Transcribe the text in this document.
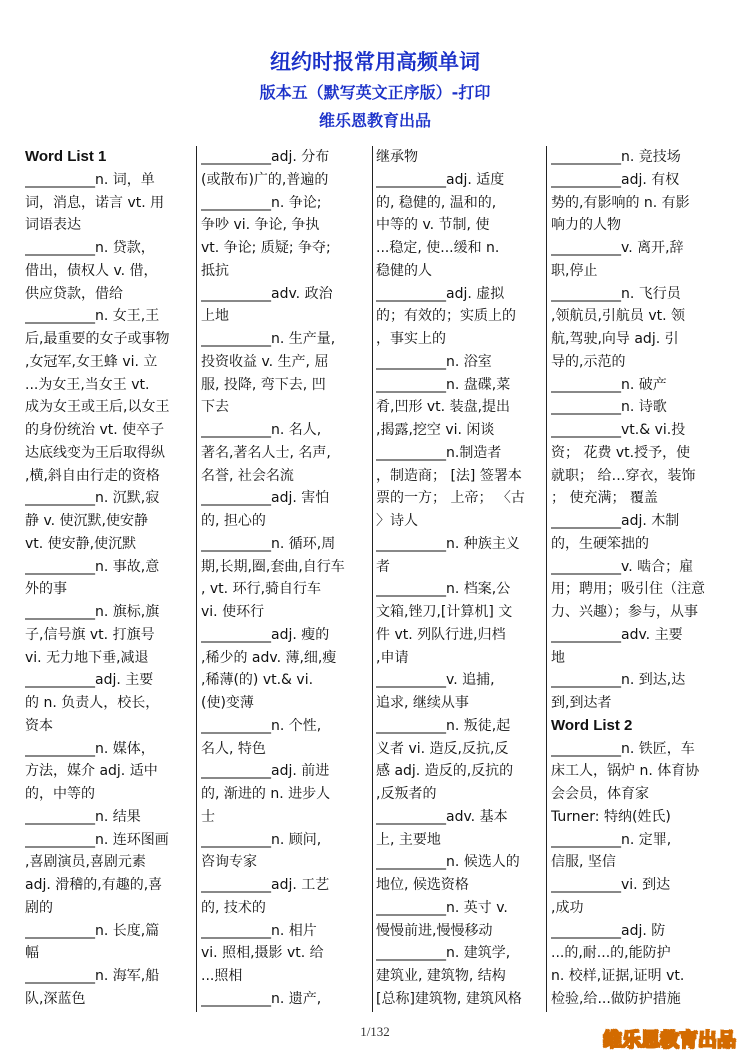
纽约时报常用高频单词
版本五（默写英文正序版）-打印
维乐恩教育出品
Word List 1
__________n. 词，单
词，消息，诺言 vt. 用
词语表达
__________n. 贷款，
借出，债权人 v. 借，
供应贷款，借给
__________n. 女王,王
后,最重要的女子或事物
,女冠军,女王蜂 vi. 立
...为女王,当女王 vt.
成为女王或王后,以女王
的身份统治 vt. 使卒子
达底线变为王后取得纵
,横,斜自由行走的资格
__________n. 沉默,寂
静 v. 使沉默,使安静
vt. 使安静,使沉默
__________n. 事故,意
外的事
__________n. 旗标,旗
子,信号旗 vt. 打旗号
vi. 无力地下垂,减退
__________adj. 主要
的 n. 负责人，校长，
资本
__________n. 媒体，
方法，媒介 adj. 适中
的，中等的
__________n. 结果
__________n. 连环图画
,喜剧演员,喜剧元素
adj. 滑稽的,有趣的,喜
剧的
__________n. 长度,篇
幅
__________n. 海军,船
队,深蓝色
__________adj. 分布
(或散布)广的,普遍的
__________n. 争论;
争吵 vi. 争论, 争执
vt. 争论; 质疑; 争夺;
抵抗
__________adv. 政治
上地
__________n. 生产量,
投资收益 v. 生产, 屈
服, 投降, 弯下去, 凹
下去
__________n. 名人,
著名,著名人士, 名声,
名誉, 社会名流
__________adj. 害怕
的, 担心的
__________n. 循环,周
期,长期,圈,套曲,自行车
, vt. 环行,骑自行车
vi. 使环行
__________adj. 瘦的
,稀少的 adv. 薄,细,瘦
,稀薄(的) vt.& vi.
(使)变薄
__________n. 个性,
名人, 特色
__________adj. 前进
的, 渐进的 n. 进步人
士
__________n. 顾问,
咨询专家
__________adj. 工艺
的, 技术的
__________n. 相片
vi. 照相,摄影 vt. 给
...照相
__________n. 遗产,
继承物
__________adj. 适度
的, 稳健的, 温和的,
中等的 v. 节制, 使
...稳定, 使...缓和 n.
稳健的人
__________adj. 虚拟
的；有效的；实质上的
，事实上的
__________n. 浴室
__________n. 盘碟,菜
肴,凹形 vt. 装盘,提出
,揭露,挖空 vi. 闲谈
__________n.制造者
，制造商； [法] 签署本
票的一方； 上帝； 〈古
〉诗人
__________n. 种族主义
者
__________n. 档案,公
文箱,锉刀,[计算机] 文
件 vt. 列队行进,归档
,申请
__________v. 追捕,
追求, 继续从事
__________n. 叛徒,起
义者 vi. 造反,反抗,反
感 adj. 造反的,反抗的
,反叛者的
__________adv. 基本
上, 主要地
__________n. 候选人的
地位, 候选资格
__________n. 英寸 v.
慢慢前进,慢慢移动
__________n. 建筑学,
建筑业, 建筑物, 结构
[总称]建筑物, 建筑风格
__________n. 竞技场
__________adj. 有权
势的,有影响的 n. 有影
响力的人物
__________v. 离开,辞
职,停止
__________n. 飞行员
,领航员,引航员 vt. 领
航,驾驶,向导 adj. 引
导的,示范的
__________n. 破产
__________n. 诗歌
__________vt.& vi.投
资； 花费 vt.授予，使
就职； 给…穿衣，装饰
； 使充满； 覆盖
__________adj. 木制
的，生硬笨拙的
__________v. 啮合；雇
用；聘用；吸引住（注意
力、兴趣）；参与，从事
__________adv. 主要
地
__________n. 到达,达
到,到达者
Word List 2
__________n. 铁匠，车
床工人，锅炉 n. 体育协
会会员，体育家
Turner: 特纳(姓氏)
__________n. 定罪,
信服, 坚信
__________vi. 到达
,成功
__________adj. 防
...的,耐...的,能防护
n. 校样,证据,证明 vt.
检验,给...做防护措施
1/132	维乐恩教育出品
